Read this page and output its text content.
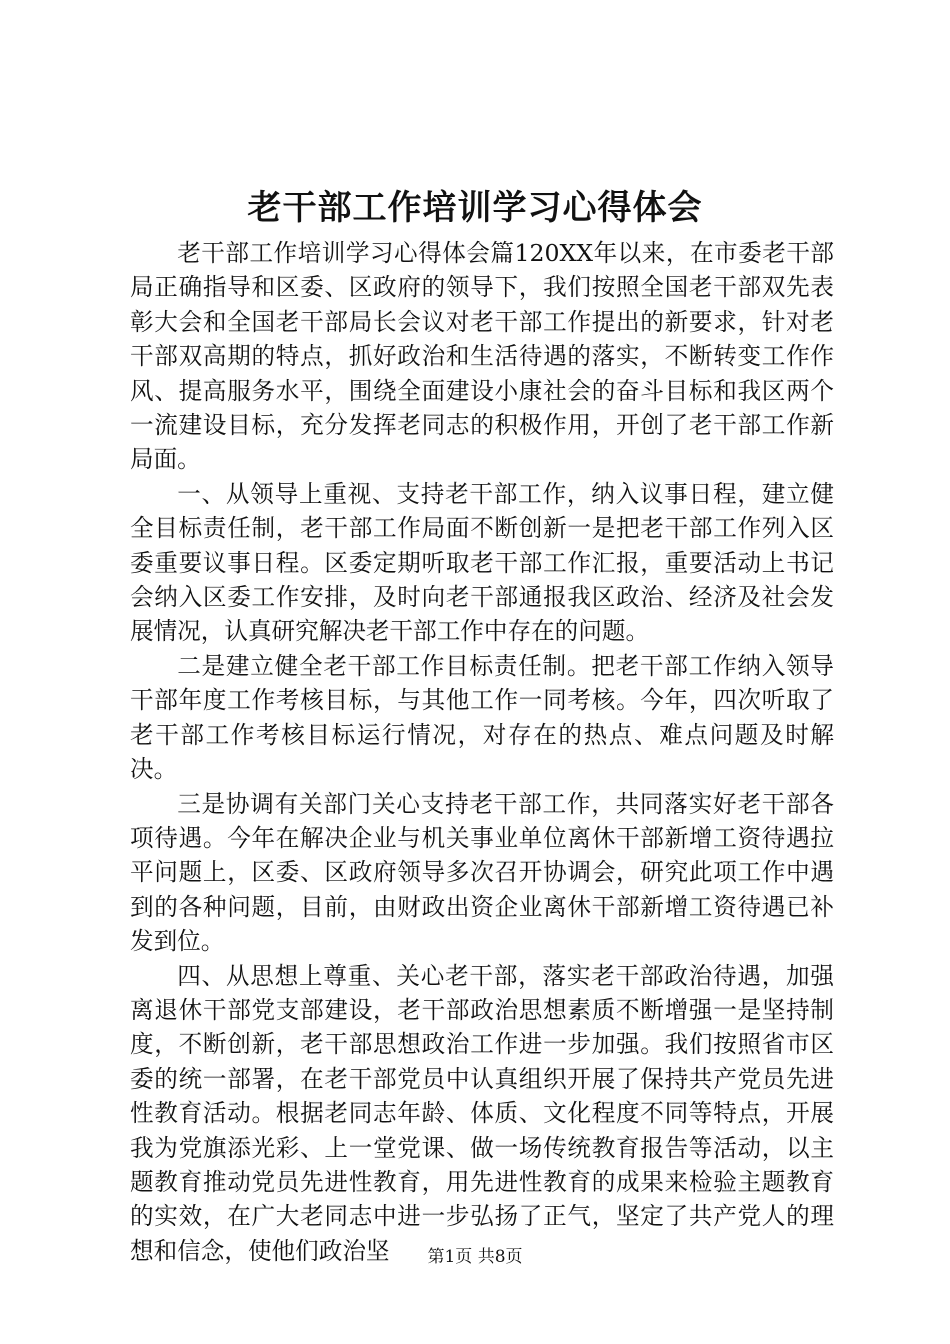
老干部工作培训学习心得体会

老干部工作培训学习心得体会篇120XX年以来，在市委老干部局正确指导和区委、区政府的领导下，我们按照全国老干部双先表彰大会和全国老干部局长会议对老干部工作提出的新要求，针对老干部双高期的特点，抓好政治和生活待遇的落实，不断转变工作作风、提高服务水平，围绕全面建设小康社会的奋斗目标和我区两个一流建设目标，充分发挥老同志的积极作用，开创了老干部工作新局面。

一、从领导上重视、支持老干部工作，纳入议事日程，建立健全目标责任制，老干部工作局面不断创新一是把老干部工作列入区委重要议事日程。区委定期听取老干部工作汇报，重要活动上书记会纳入区委工作安排，及时向老干部通报我区政治、经济及社会发展情况，认真研究解决老干部工作中存在的问题。

二是建立健全老干部工作目标责任制。把老干部工作纳入领导干部年度工作考核目标，与其他工作一同考核。今年，四次听取了老干部工作考核目标运行情况，对存在的热点、难点问题及时解决。

三是协调有关部门关心支持老干部工作，共同落实好老干部各项待遇。今年在解决企业与机关事业单位离休干部新增工资待遇拉平问题上，区委、区政府领导多次召开协调会，研究此项工作中遇到的各种问题，目前，由财政出资企业离休干部新增工资待遇已补发到位。

四、从思想上尊重、关心老干部，落实老干部政治待遇，加强离退休干部党支部建设，老干部政治思想素质不断增强一是坚持制度，不断创新，老干部思想政治工作进一步加强。我们按照省市区委的统一部署，在老干部党员中认真组织开展了保持共产党员先进性教育活动。根据老同志年龄、体质、文化程度不同等特点，开展我为党旗添光彩、上一堂党课、做一场传统教育报告等活动，以主题教育推动党员先进性教育，用先进性教育的成果来检验主题教育的实效，在广大老同志中进一步弘扬了正气，坚定了共产党人的理想和信念，使他们政治坚	第1页 共8页
